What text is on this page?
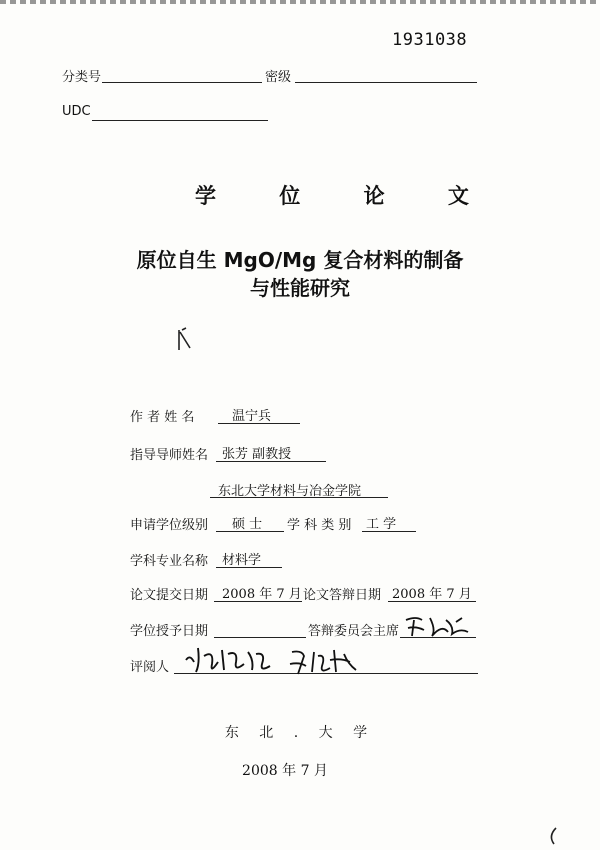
1931038
分类号	密级
UDC
学 位 论 文
原位自生 MgO/Mg 复合材料的制备
与性能研究
作 者 姓 名	温宁兵
指导导师姓名 张芳 副教授
东北大学材料与冶金学院
申请学位级别 硕 士 学 科 类 别 工 学
学科专业名称 材料学
论文提交日期 2008 年 7 月 论文答辩日期 2008 年 7 月
学位授予日期	答辩委员会主席
评阅人
东 北 . 大 学
2008 年 7 月
